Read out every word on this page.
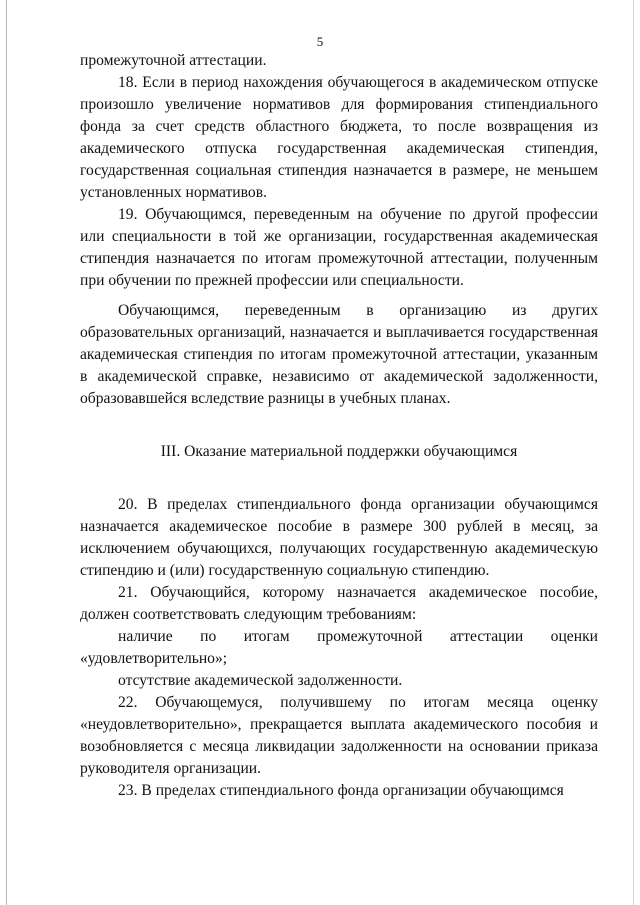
5

промежуточной аттестации.

18. Если в период нахождения обучающегося в академическом отпуске произошло увеличение нормативов для формирования стипендиального фонда за счет средств областного бюджета, то после возвращения из академического отпуска государственная академическая стипендия, государственная социальная стипендия назначается в размере, не меньшем установленных нормативов.

19. Обучающимся, переведенным на обучение по другой профессии или специальности в той же организации, государственная академическая стипендия назначается по итогам промежуточной аттестации, полученным при обучении по прежней профессии или специальности.

Обучающимся, переведенным в организацию из других образовательных организаций, назначается и выплачивается государственная академическая стипендия по итогам промежуточной аттестации, указанным в академической справке, независимо от академической задолженности, образовавшейся вследствие разницы в учебных планах.

III. Оказание материальной поддержки обучающимся

20. В пределах стипендиального фонда организации обучающимся назначается академическое пособие в размере 300 рублей в месяц, за исключением обучающихся, получающих государственную академическую стипендию и (или) государственную социальную стипендию.

21. Обучающийся, которому назначается академическое пособие, должен соответствовать следующим требованиям:

наличие по итогам промежуточной аттестации оценки «удовлетворительно»;

отсутствие академической задолженности.

22. Обучающемуся, получившему по итогам месяца оценку «неудовлетворительно», прекращается выплата академического пособия и возобновляется с месяца ликвидации задолженности на основании приказа руководителя организации.

23. В пределах стипендиального фонда организации обучающимся
